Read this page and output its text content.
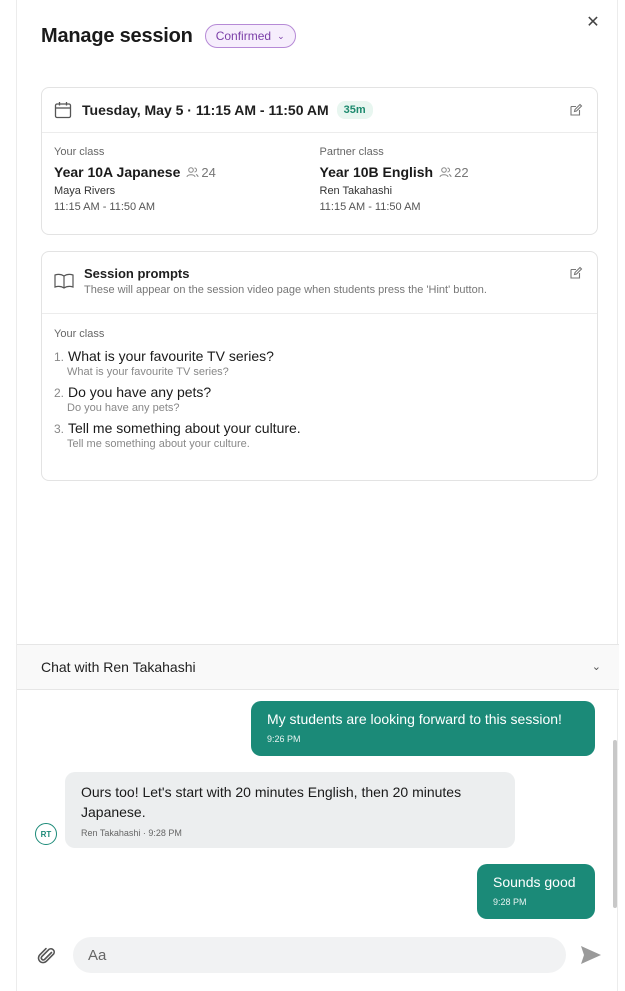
Manage session Confirmed ⌄
✕
Tuesday, May 5 · 11:15 AM - 11:50 AM	35m
Your class
Year 10A Japanese 24
Maya Rivers
11:15 AM - 11:50 AM
Partner class
Year 10B English 22
Ren Takahashi
11:15 AM - 11:50 AM
Session prompts
These will appear on the session video page when students press the 'Hint' button.
Your class
1. What is your favourite TV series?
What is your favourite TV series?
2. Do you have any pets?
Do you have any pets?
3. Tell me something about your culture.
Tell me something about your culture.
Chat with Ren Takahashi	⌄
My students are looking forward to this session!
9:26 PM
Ours too! Let's start with 20 minutes English, then 20 minutes Japanese.
Ren Takahashi · 9:28 PM
RT
Sounds good
9:28 PM
Aa
